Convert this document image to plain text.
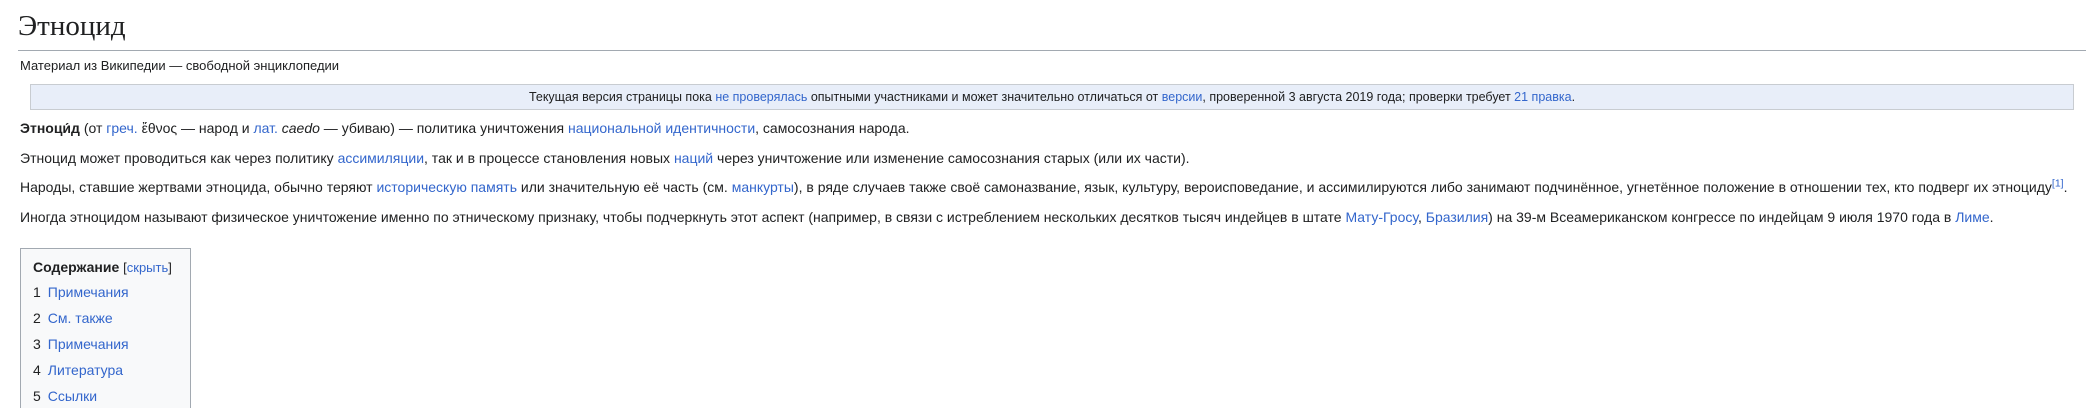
Этноцид
Материал из Википедии — свободной энциклопедии
Текущая версия страницы пока не проверялась опытными участниками и может значительно отличаться от версии, проверенной 3 августа 2019 года; проверки требует 21 правка.

Этноци́д (от греч. ἔθνος — народ и лат. caedo — убиваю) — политика уничтожения национальной идентичности, самосознания народа.

Этноцид может проводиться как через политику ассимиляции, так и в процессе становления новых наций через уничтожение или изменение самосознания старых (или их части).

Народы, ставшие жертвами этноцида, обычно теряют историческую память или значительную её часть (см. манкурты), в ряде случаев также своё самоназвание, язык, культуру, вероисповедание, и ассимилируются либо занимают подчинённое, угнетённое положение в отношении тех, кто подверг их этноциду[1].

Иногда этноцидом называют физическое уничтожение именно по этническому признаку, чтобы подчеркнуть этот аспект (например, в связи с истреблением нескольких десятков тысяч индейцев в штате Мату-Гросу, Бразилия) на 39-м Всеамериканском конгрессе по индейцам 9 июля 1970 года в Лиме.

Содержание [скрыть]
1 Примечания
2 См. также
3 Примечания
4 Литература
5 Ссылки
